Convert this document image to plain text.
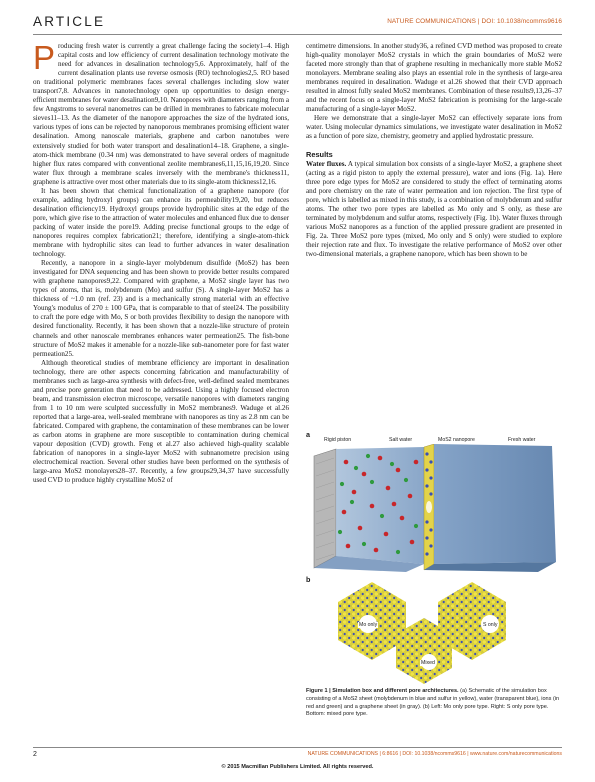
ARTICLE	NATURE COMMUNICATIONS | DOI: 10.1038/ncomms9616

Producing fresh water is currently a great challenge facing the society1–4. High capital costs and low efficiency of current desalination technology motivate the need for advances in desalination technology5,6. Approximately, half of the current desalination plants use reverse osmosis (RO) technologies2,5. RO based on traditional polymeric membranes faces several challenges including slow water transport7,8. Advances in nanotechnology open up opportunities to design energy-efficient membranes for water desalination9,10. Nanopores with diameters ranging from a few Angstroms to several nanometres can be drilled in membranes to fabricate molecular sieves11–13. As the diameter of the nanopore approaches the size of the hydrated ions, various types of ions can be rejected by nanoporous membranes promising efficient water desalination. Among nanoscale materials, graphene and carbon nanotubes were extensively studied for both water transport and desalination14–18. Graphene, a single-atom-thick membrane (0.34 nm) was demonstrated to have several orders of magnitude higher flux rates compared with conventional zeolite membranes6,11,15,16,19,20. Since water flux through a membrane scales inversely with the membrane's thickness11, graphene is attractive over most other materials due to its single-atom thickness12,16.

It has been shown that chemical functionalization of a graphene nanopore (for example, adding hydroxyl groups) can enhance its permeability19,20, but reduces desalination efficiency19. Hydroxyl groups provide hydrophilic sites at the edge of the pore, which give rise to the attraction of water molecules and enhanced flux due to denser packing of water inside the pore19. Adding precise functional groups to the edge of nanopores requires complex fabrication21; therefore, identifying a single-atom-thick membrane with hydrophilic sites can lead to further advances in water desalination technology.

Recently, a nanopore in a single-layer molybdenum disulfide (MoS2) has been investigated for DNA sequencing and has been shown to provide better results compared with graphene nanopores9,22. Compared with graphene, a MoS2 single layer has two types of atoms, that is, molybdenum (Mo) and sulfur (S). A single-layer MoS2 has a thickness of ~1.0 nm (ref. 23) and is a mechanically strong material with an effective Young's modulus of 270 ± 100 GPa, that is comparable to that of steel24. The possibility to craft the pore edge with Mo, S or both provides flexibility to design the nanopore with desired functionality. Recently, it has been shown that a nozzle-like structure of protein channels and other nanoscale membranes enhances water permeation25. The fish-bone structure of MoS2 makes it amenable for a nozzle-like sub-nanometer pore for fast water permeation25.

Although theoretical studies of membrane efficiency are important in desalination technology, there are other aspects concerning fabrication and manufacturability of membranes such as large-area synthesis with defect-free, well-defined sealed membranes and precise pore generation that need to be addressed. Using a highly focused electron beam, and transmission electron microscope, versatile nanopores with diameters ranging from 1 to 10 nm were sculpted successfully in MoS2 membranes9. Waduge et al.26 reported that a large-area, well-sealed membrane with nanopores as tiny as 2.8 nm can be fabricated. Compared with graphene, the contamination of these membranes can be lower as carbon atoms in graphene are more susceptible to contamination during chemical vapour deposition (CVD) growth. Feng et al.27 also achieved high-quality scalable fabrication of nanopores in a single-layer MoS2 with subnanometre precision using electrochemical reaction. Several other studies have been performed on the synthesis of large-area MoS2 monolayers28–37. Recently, a few groups29,34,37 have successfully used CVD to produce highly crystalline MoS2 of

centimetre dimensions. In another study36, a refined CVD method was proposed to create high-quality monolayer MoS2 crystals in which the grain boundaries of MoS2 were faceted more strongly than that of graphene resulting in mechanically more stable MoS2 monolayers. Membrane sealing also plays an essential role in the synthesis of large-area membranes required in desalination. Waduge et al.26 showed that their CVD approach resulted in almost fully sealed MoS2 membranes. Combination of these results9,13,26–37 and the recent focus on a single-layer MoS2 fabrication is promising for the large-scale manufacturing of a single-layer MoS2.

Here we demonstrate that a single-layer MoS2 can effectively separate ions from water. Using molecular dynamics simulations, we investigate water desalination in MoS2 as a function of pore size, chemistry, geometry and applied hydrostatic pressure.

Results

Water fluxes. A typical simulation box consists of a single-layer MoS2, a graphene sheet (acting as a rigid piston to apply the external pressure), water and ions (Fig. 1a). Here three pore edge types for MoS2 are considered to study the effect of terminating atoms and pore chemistry on the rate of water permeation and ion rejection. The first type of pore, which is labelled as mixed in this study, is a combination of molybdenum and sulfur atoms. The other two pore types are labelled as Mo only and S only, as these are terminated by molybdenum and sulfur atoms, respectively (Fig. 1b). Water fluxes through various MoS2 nanopores as a function of the applied pressure gradient are presented in Fig. 2a. Three MoS2 pore types (mixed, Mo only and S only) were studied to explore their rejection rate and flux. To investigate the relative performance of MoS2 over other two-dimensional materials, a graphene nanopore, which has been shown to be

a
Rigid piston	Salt water	MoS2 nanopore	Fresh water
b
Mo only	S only
Mixed
Figure 1 | Simulation box and different pore architectures. (a) Schematic of the simulation box consisting of a MoS2 sheet (molybdenum in blue and sulfur in yellow), water (transparent blue), ions (in red and green) and a graphene sheet (in gray). (b) Left: Mo only pore type. Right: S only pore type. Bottom: mixed pore type.
2	NATURE COMMUNICATIONS | 6:8616 | DOI: 10.1038/ncomms9616 | www.nature.com/naturecommunications
© 2015 Macmillan Publishers Limited. All rights reserved.
